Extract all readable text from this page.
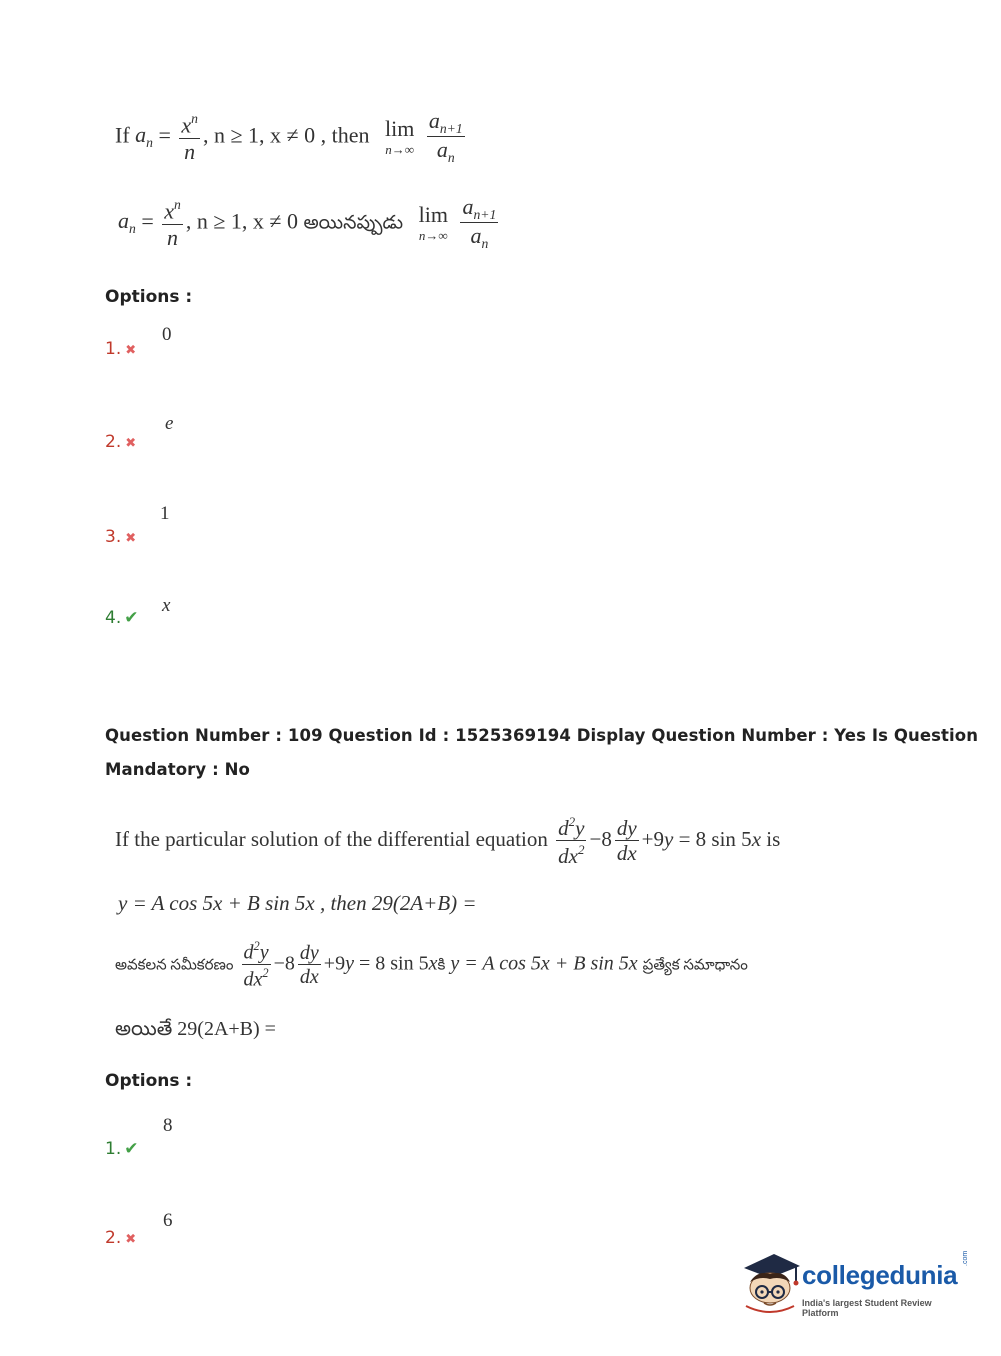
If $a_n = \frac{x^n}{n}$ , n ≥ 1, x ≠ 0 , then lim
n→∞
$\frac{a_{n+1}}{a_n}$
$a_n = \frac{x^n}{n}$ , n ≥ 1, x ≠ 0 అయినప్పుడు lim
n→∞
$\frac{a_{n+1}}{a_n}$
Options :
1. ✖
0
2. ✖
e
3. ✖
1
4. ✔
x
Question Number : 109 Question Id : 1525369194 Display Question Number : Yes Is Question
Mandatory : No
If the particular solution of the differential equation $\frac{d^2y}{dx^2} -8 \frac{dy}{dx} +9y = 8$ sin 5x is
y = A cos 5x + B sin 5x , then 29(2A+B) =
అవకలన సమీకరణం $\frac{d^2y}{dx^2} -8 \frac{dy}{dx} +9y = 8$ sin 5xకి y = A cos 5x + B sin 5x ప్రత్యేక సమాధానం
అయితే 29(2A+B) =
Options :
1. ✔
8
2. ✖
6
collegedunia
.com
India's largest Student Review Platform
